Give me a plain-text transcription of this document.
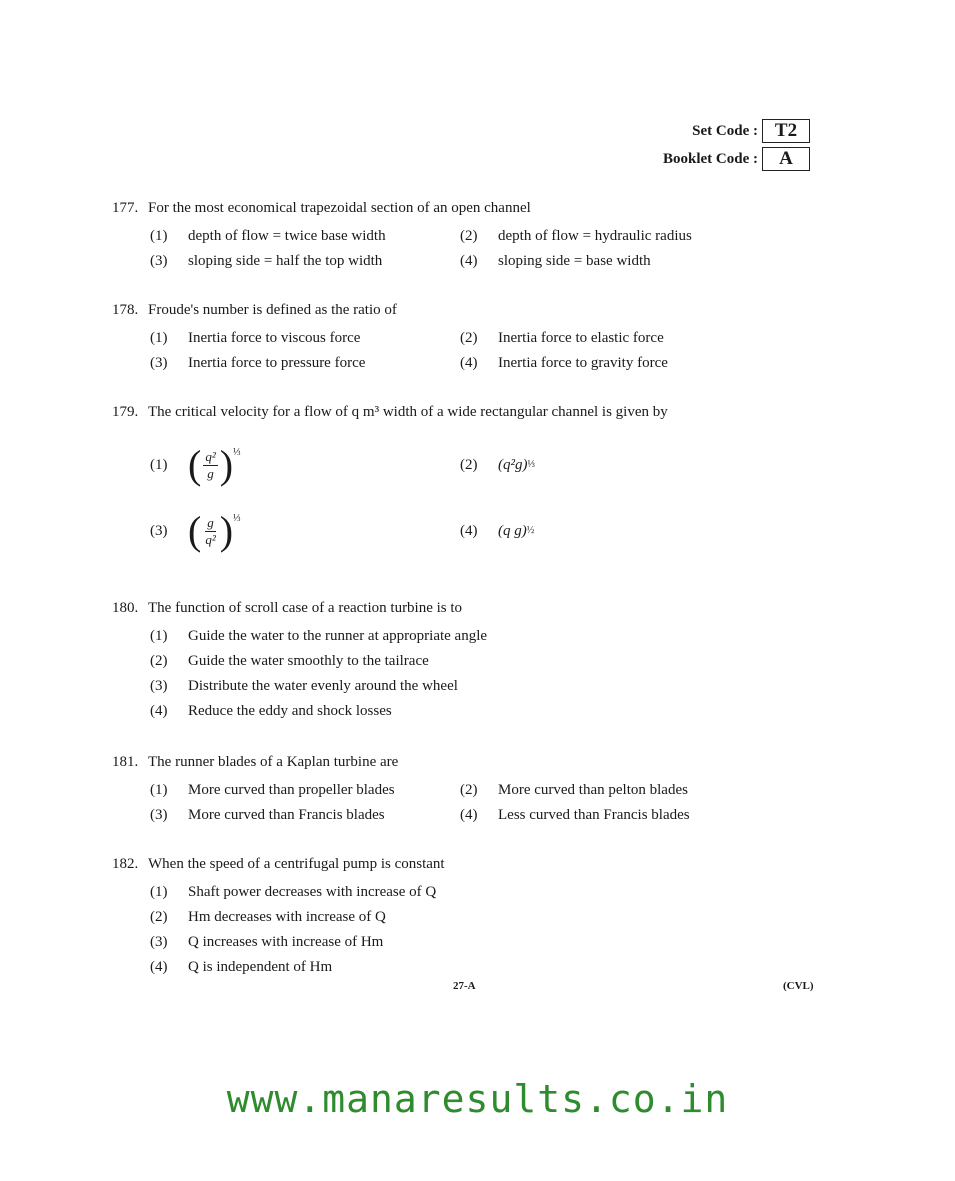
Set Code : T2
Booklet Code :	A

177. For the most economical trapezoidal section of an open channel

(1)	depth of flow = twice base width	(2)	depth of flow = hydraulic radius
(3)	sloping side = half the top width	(4)	sloping side = base width

178. Froude's number is defined as the ratio of

(1)	Inertia force to viscous force	(2)	Inertia force to elastic force
(3)	Inertia force to pressure force	(4)	Inertia force to gravity force

179. The critical velocity for a flow of q m³ width of a wide rectangular channel is given by

(1) ( $\frac{\text{q²}}{g}$ ) ⅓
(2)	(q²g) ⅓
(3) ( $\frac{g}{\text{q²}}$ ) ⅓
(4)	(q g) ½

180. The function of scroll case of a reaction turbine is to

(1)	Guide the water to the runner at appropriate angle
(2)	Guide the water smoothly to the tailrace
(3)	Distribute the water evenly around the wheel
(4)	Reduce the eddy and shock losses

181. The runner blades of a Kaplan turbine are

(1)	More curved than propeller blades	(2)	More curved than pelton blades
(3)	More curved than Francis blades	(4)	Less curved than Francis blades

182. When the speed of a centrifugal pump is constant

(1)	Shaft power decreases with increase of Q
(2)	Hm decreases with increase of Q
(3)	Q increases with increase of Hm
(4)	Q is independent of Hm
27-A	(CVL)
www.manaresults.co.in
